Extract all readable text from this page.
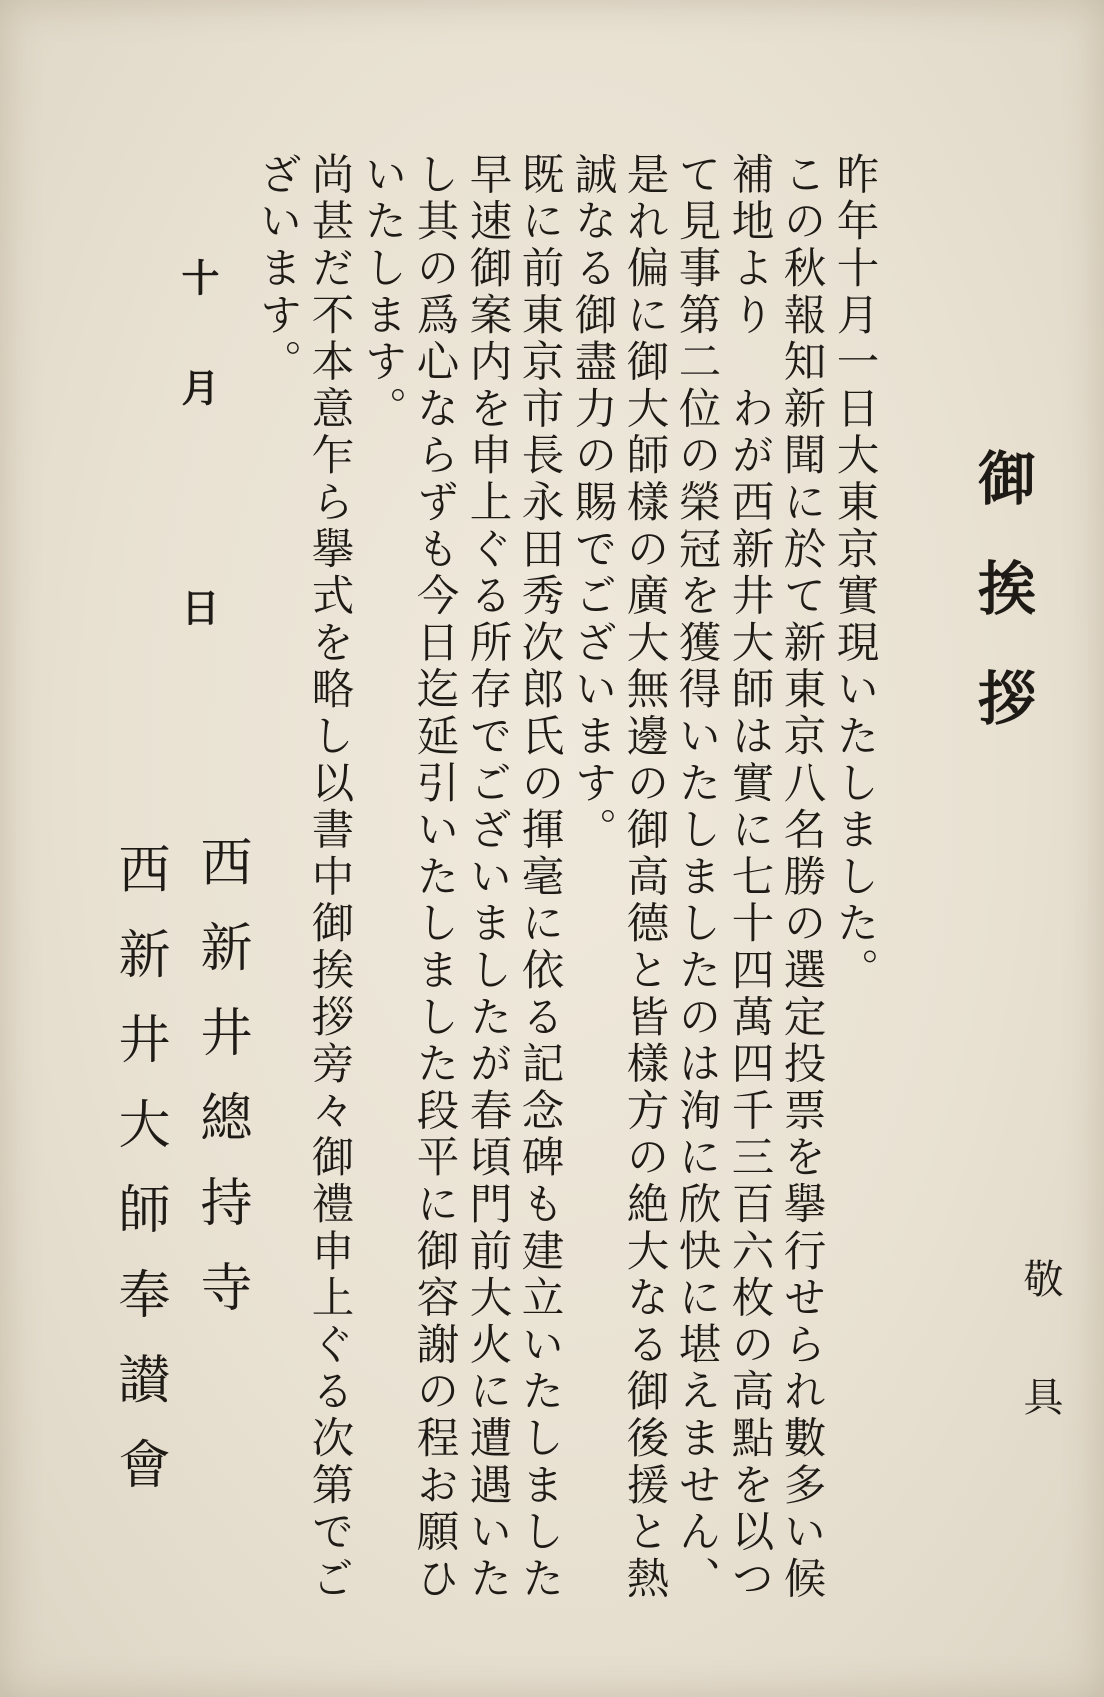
御挨拶
昨年十月一日大東京實現いたしました。
この秋報知新聞に於て新東京八名勝の選定投票を擧行せられ數多い候
補地より　わが西新井大師は實に七十四萬四千三百六枚の高點を以つ
て見事第二位の榮冠を獲得いたしましたのは洵に欣快に堪えません、
是れ偏に御大師樣の廣大無邊の御高德と皆樣方の絶大なる御後援と熱
誠なる御盡力の賜でございます。
既に前東京市長永田秀次郎氏の揮毫に依る記念碑も建立いたしました
早速御案内を申上ぐる所存でございましたが春頃門前大火に遭遇いた
し其の爲心ならずも今日迄延引いたしました段平に御容謝の程お願ひ
いたします。
尚甚だ不本意乍ら擧式を略し以書中御挨拶旁々御禮申上ぐる次第でご
ざいます。
敬具
十月　日
西新井總持寺
西新井大師奉讃會
